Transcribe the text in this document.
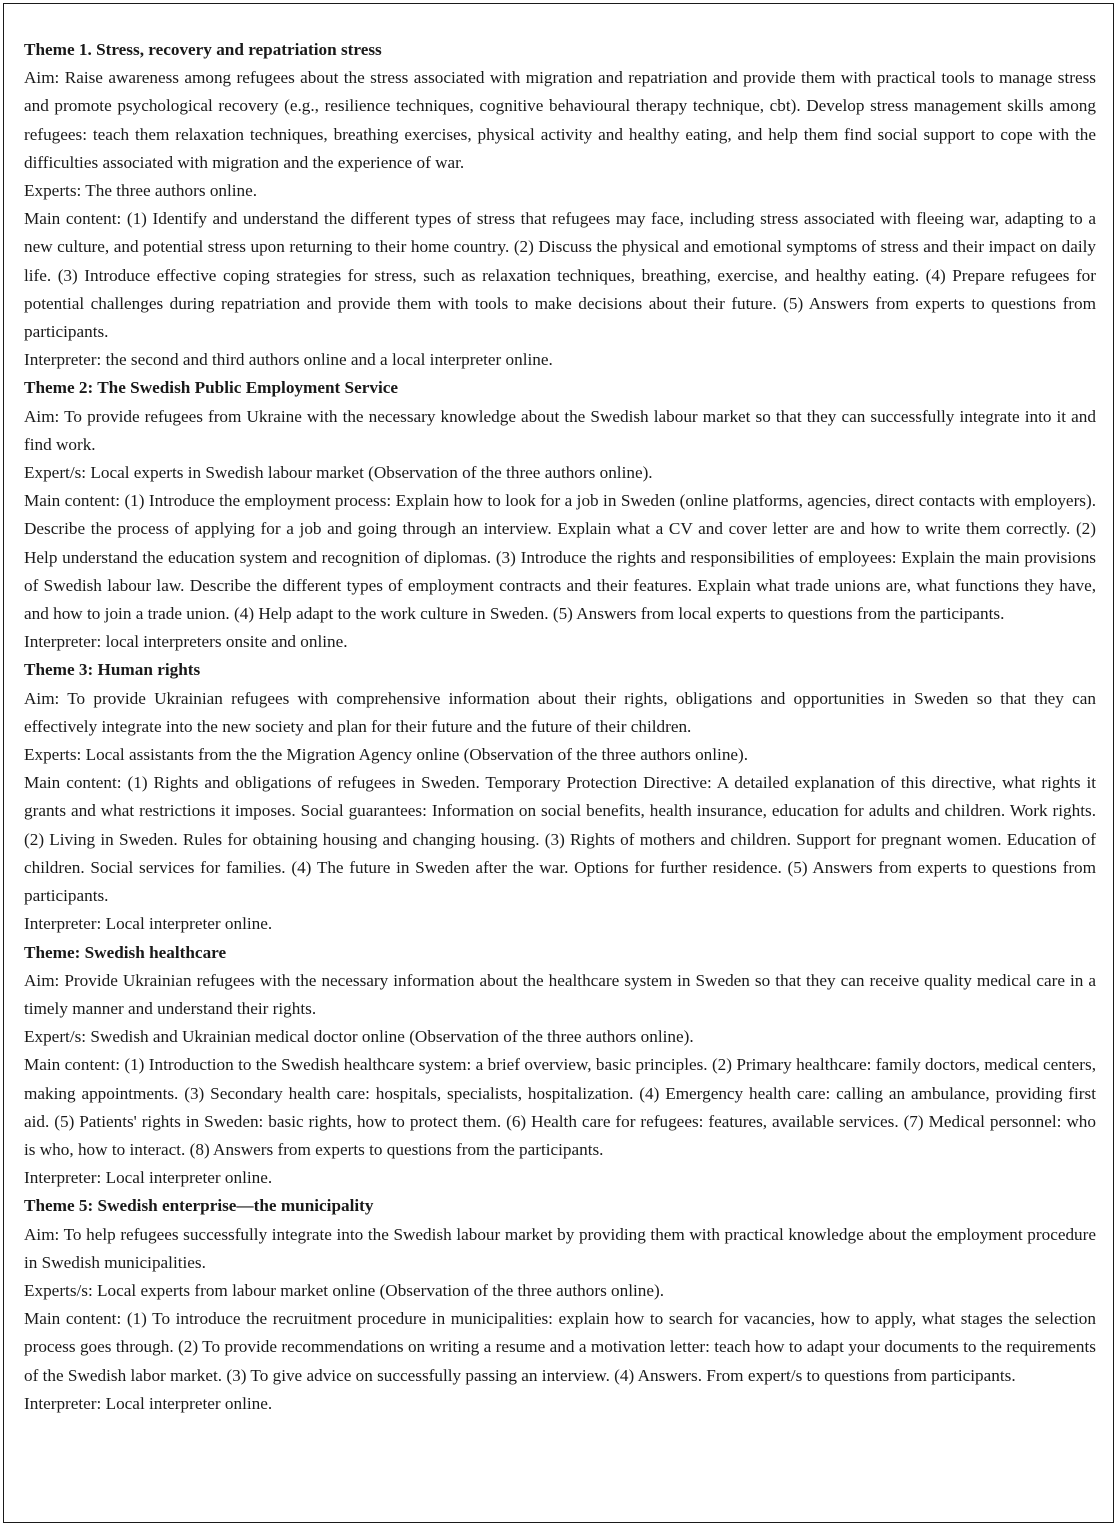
Theme 1. Stress, recovery and repatriation stress

Aim: Raise awareness among refugees about the stress associated with migration and repatriation and provide them with practical tools to manage stress and promote psychological recovery (e.g., resilience techniques, cognitive behavioural therapy technique, cbt). Develop stress management skills among refugees: teach them relaxation techniques, breathing exercises, physical activity and healthy eating, and help them find social support to cope with the difficulties associated with migration and the experience of war.

Experts: The three authors online.

Main content: (1) Identify and understand the different types of stress that refugees may face, including stress associated with fleeing war, adapting to a new culture, and potential stress upon returning to their home country. (2) Discuss the physical and emotional symptoms of stress and their impact on daily life. (3) Introduce effective coping strategies for stress, such as relaxation techniques, breathing, exercise, and healthy eating. (4) Prepare refugees for potential challenges during repatriation and provide them with tools to make decisions about their future. (5) Answers from experts to questions from participants.

Interpreter: the second and third authors online and a local interpreter online.

Theme 2: The Swedish Public Employment Service

Aim: To provide refugees from Ukraine with the necessary knowledge about the Swedish labour market so that they can successfully integrate into it and find work.

Expert/s: Local experts in Swedish labour market (Observation of the three authors online).

Main content: (1) Introduce the employment process: Explain how to look for a job in Sweden (online platforms, agencies, direct contacts with employers). Describe the process of applying for a job and going through an interview. Explain what a CV and cover letter are and how to write them correctly. (2) Help understand the education system and recognition of diplomas. (3) Introduce the rights and responsibilities of employees: Explain the main provisions of Swedish labour law. Describe the different types of employment contracts and their features. Explain what trade unions are, what functions they have, and how to join a trade union. (4) Help adapt to the work culture in Sweden. (5) Answers from local experts to questions from the participants.

Interpreter: local interpreters onsite and online.

Theme 3: Human rights

Aim: To provide Ukrainian refugees with comprehensive information about their rights, obligations and opportunities in Sweden so that they can effectively integrate into the new society and plan for their future and the future of their children.

Experts: Local assistants from the the Migration Agency online (Observation of the three authors online).

Main content: (1) Rights and obligations of refugees in Sweden. Temporary Protection Directive: A detailed explanation of this directive, what rights it grants and what restrictions it imposes. Social guarantees: Information on social benefits, health insurance, education for adults and children. Work rights. (2) Living in Sweden. Rules for obtaining housing and changing housing. (3) Rights of mothers and children. Support for pregnant women. Education of children. Social services for families. (4) The future in Sweden after the war. Options for further residence. (5) Answers from experts to questions from participants.

Interpreter: Local interpreter online.

Theme: Swedish healthcare

Aim: Provide Ukrainian refugees with the necessary information about the healthcare system in Sweden so that they can receive quality medical care in a timely manner and understand their rights.

Expert/s: Swedish and Ukrainian medical doctor online (Observation of the three authors online).

Main content: (1) Introduction to the Swedish healthcare system: a brief overview, basic principles. (2) Primary healthcare: family doctors, medical centers, making appointments. (3) Secondary health care: hospitals, specialists, hospitalization. (4) Emergency health care: calling an ambulance, providing first aid. (5) Patients' rights in Sweden: basic rights, how to protect them. (6) Health care for refugees: features, available services. (7) Medical personnel: who is who, how to interact. (8) Answers from experts to questions from the participants.

Interpreter: Local interpreter online.

Theme 5: Swedish enterprise—the municipality

Aim: To help refugees successfully integrate into the Swedish labour market by providing them with practical knowledge about the employment procedure in Swedish municipalities.

Experts/s: Local experts from labour market online (Observation of the three authors online).

Main content: (1) To introduce the recruitment procedure in municipalities: explain how to search for vacancies, how to apply, what stages the selection process goes through. (2) To provide recommendations on writing a resume and a motivation letter: teach how to adapt your documents to the requirements of the Swedish labor market. (3) To give advice on successfully passing an interview. (4) Answers. From expert/s to questions from participants.

Interpreter: Local interpreter online.
